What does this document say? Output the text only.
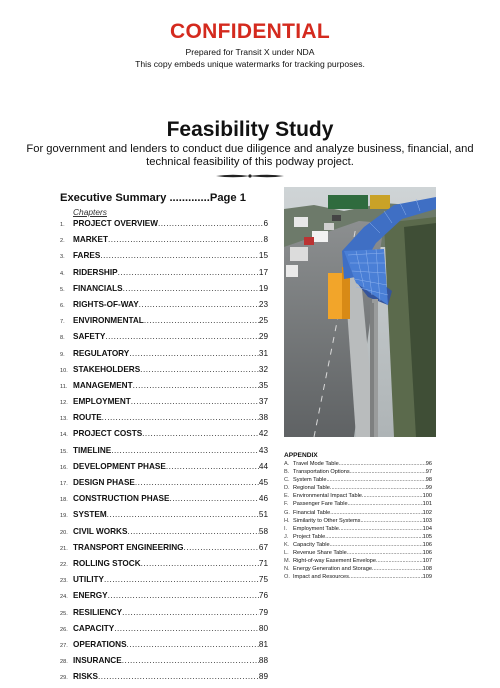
CONFIDENTIAL
Prepared for Transit X under NDA
This copy embeds unique watermarks for tracking purposes.
Feasibility Study
For government and lenders to conduct due diligence and analyze business, financial, and technical feasibility of this podway project.
Executive Summary .............Page 1
Chapters
1.	PROJECT OVERVIEW .....	6
2.	MARKET .....	8
3.	FARES .....	15
4.	RIDERSHIP .....	17
5.	FINANCIALS .....	19
6.	RIGHTS-OF-WAY .....	23
7.	ENVIRONMENTAL .....	25
8.	SAFETY .....	29
9.	REGULATORY .....	31
10. STAKEHOLDERS .....	32
11. MANAGEMENT .....	35
12. EMPLOYMENT .....	37
13. ROUTE .....	38
14. PROJECT COSTS .....	42
15. TIMELINE .....	43
16. DEVELOPMENT PHASE .....	44
17. DESIGN PHASE .....	45
18. CONSTRUCTION PHASE .....	46
19. SYSTEM .....	51
20. CIVIL WORKS .....	58
21. TRANSPORT ENGINEERING .....	67
22. ROLLING STOCK .....	71
23. UTILITY .....	75
24. ENERGY .....	76
25. RESILIENCY .....	79
26. CAPACITY .....	80
27. OPERATIONS .....	81
28. INSURANCE .....	88
29. RISKS .....	89
APPENDIX
A. Travel Mode Table .....	96
B. Transportation Options .....	97
C. System Table .....	98
D. Regional Table .....	99
E. Environmental Impact Table .....	100
F. Passenger Fare Table .....	101
G. Financial Table .....	102
H. Similarity to Other Systems .....	103
I.	Employment Table .....	104
J. Project Table .....	105
K. Capacity Table .....	106
L. Revenue Share Table .....	106
M. Right-of-way Easement Envelope .....	107
N. Energy Generation and Storage .....	108
O. Impact and Resources .....	109
